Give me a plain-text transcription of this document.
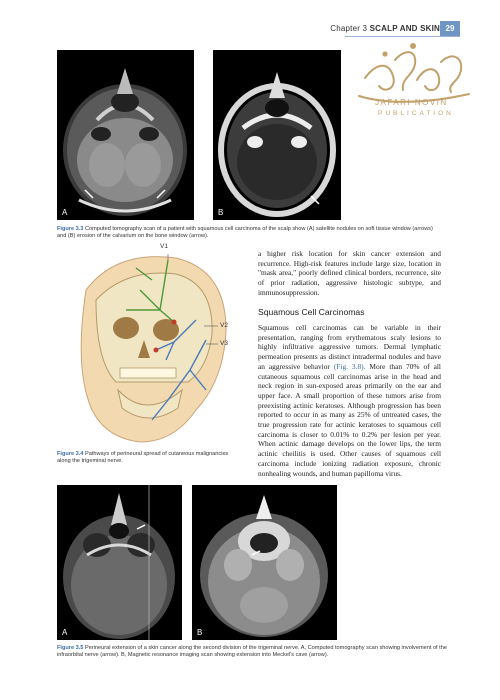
Chapter 3 SCALP AND SKIN 29
JAFARI NOVIN
PUBLICATION
A	B
Figure 3.3 Computed tomography scan of a patient with squamous cell carcinoma of the scalp show (A) satellite nodules on soft tissue window (arrows) and (B) erosion of the calvarium on the bone window (arrow).
V1
V2
V3
Figure 3.4 Pathways of perineural spread of cutaneous malignancies along the trigeminal nerve.
a higher risk location for skin cancer extension and recurrence. High-risk features include large size, location in "mask area," poorly defined clinical borders, recurrence, site of prior radiation, aggressive histologic subtype, and immunosuppression.
Squamous Cell Carcinomas
Squamous cell carcinomas can be variable in their presentation, ranging from erythematous scaly lesions to highly infiltrative aggressive tumors. Dermal lymphatic permeation presents as distinct intradermal nodules and have an aggressive behavior (Fig. 3.8). More than 70% of all cutaneous squamous cell carcinomas arise in the head and neck region in sun-exposed areas primarily on the ear and upper face. A small proportion of these tumors arise from preexisting actinic keratoses. Although progression has been reported to occur in as many as 25% of untreated cases, the true progression rate for actinic keratoses to squamous cell carcinoma is closer to 0.01% to 0.2% per lesion per year. When actinic damage develops on the lower lips, the term actinic cheilitis is used. Other causes of squamous cell carcinoma include ionizing radiation exposure, chronic nonhealing wounds, and human papilloma virus.
A	B
Figure 3.5 Perineural extension of a skin cancer along the second division of the trigeminal nerve. A, Computed tomography scan showing involvement of the infraorbital nerve (arrow). B, Magnetic resonance imaging scan showing extension into Meckel's cave (arrow).
